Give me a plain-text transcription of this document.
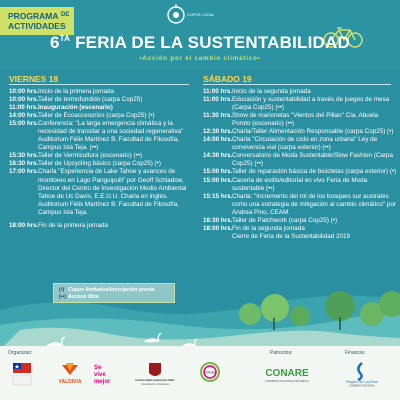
PROGRAMA DE
ACTIVIDADES
COP25 LOCAL
$6^{TA}$ FERIA DE LA SUSTENTABILIDAD
•Acción por el cambio climático•
VIERNES 18	SÁBADO 19
10:00 hrs. Inicio de la primera jornada
10:00 hrs. Taller de termofundido (carpa Cop25)
11:00 hrs. Inauguración (escenario)
14:00 hrs. Taller de Ecoaccesorios (carpa Cop25) (•)
15:00 hrs. Conferencia: "La larga emergencia climática y la necesidad de transitar a una sociedad regenerativa" Auditorium Félix Martínez B. Facultad de Filosofía, Campus Isla Teja. (••)
15:30 hrs. Taller de Vermicultura (escenario) (••)
16:30 hrs. Taller de Upcycling básico (carpa Cop25) (•)
17:00 hrs. Charla "Experiencia de Lake Tahoe y avances de monitoreo en Lago Panguipulli" por Geoff Schladow, Director del Centro de Investigación Medio Ambiental Tahoe de Uc Davis, E.E.U.U. Charla en inglés. Auditorium Félix Martínez B. Facultad de Filosofía, Campus Isla Teja.
18:00 hrs. Fin de la primera jornada
11:00 hrs. Inicio de la segunda jornada
11:00 hrs. Educación y sustentabilidad a través de juegos de mesa (Carpa Cop25) (••)
11:30 hrs. Show de marionetas "Vientos del Pillan" Cía. Abuela Poroto (escenario) (••)
12:30 hrs. Charla/Taller Alimentación Responsable (carpa Cop25) (•)
14:00 hrs. Charla "Circulación de ciclo en zona urbana" Ley de convivencia vial (carpa exterior) (••)
14:30 hrs. Conversatorio de Moda Sustentable/Slow Fashion (Carpa Cop25) (••)
15:00 hrs. Taller de reparación básica de bicicletas (carpa exterior) (•)
15:00 hrs. Cacería de estilo/editorial en vivo Feria de Moda sustentable (••)
15:15 hrs. Charla: "Incremento del rol de los bosques sur australes como una estrategia de mitigación al cambio climático" por Andrea Pino, CEAM.
16:30 hrs. Taller de Patchwork (carpa Cop25) (•)
18:00 hrs. Fin de la segunda jornada
Cierre de Feria de la Sustentabilidad 2019
(•) Cupos limitados/inscripción previa.
(••) Acceso libre
Organizan:	Patrocina:	Financia:
VALDIVIA
Se
vive
mejor	Universidad Austral de Chile
Conocimiento y Naturaleza
Cítrula	CONARE
COMISIÓN NACIONAL DE RIEGO	Región de Los Ríos
GOBIERNO REGIONAL
